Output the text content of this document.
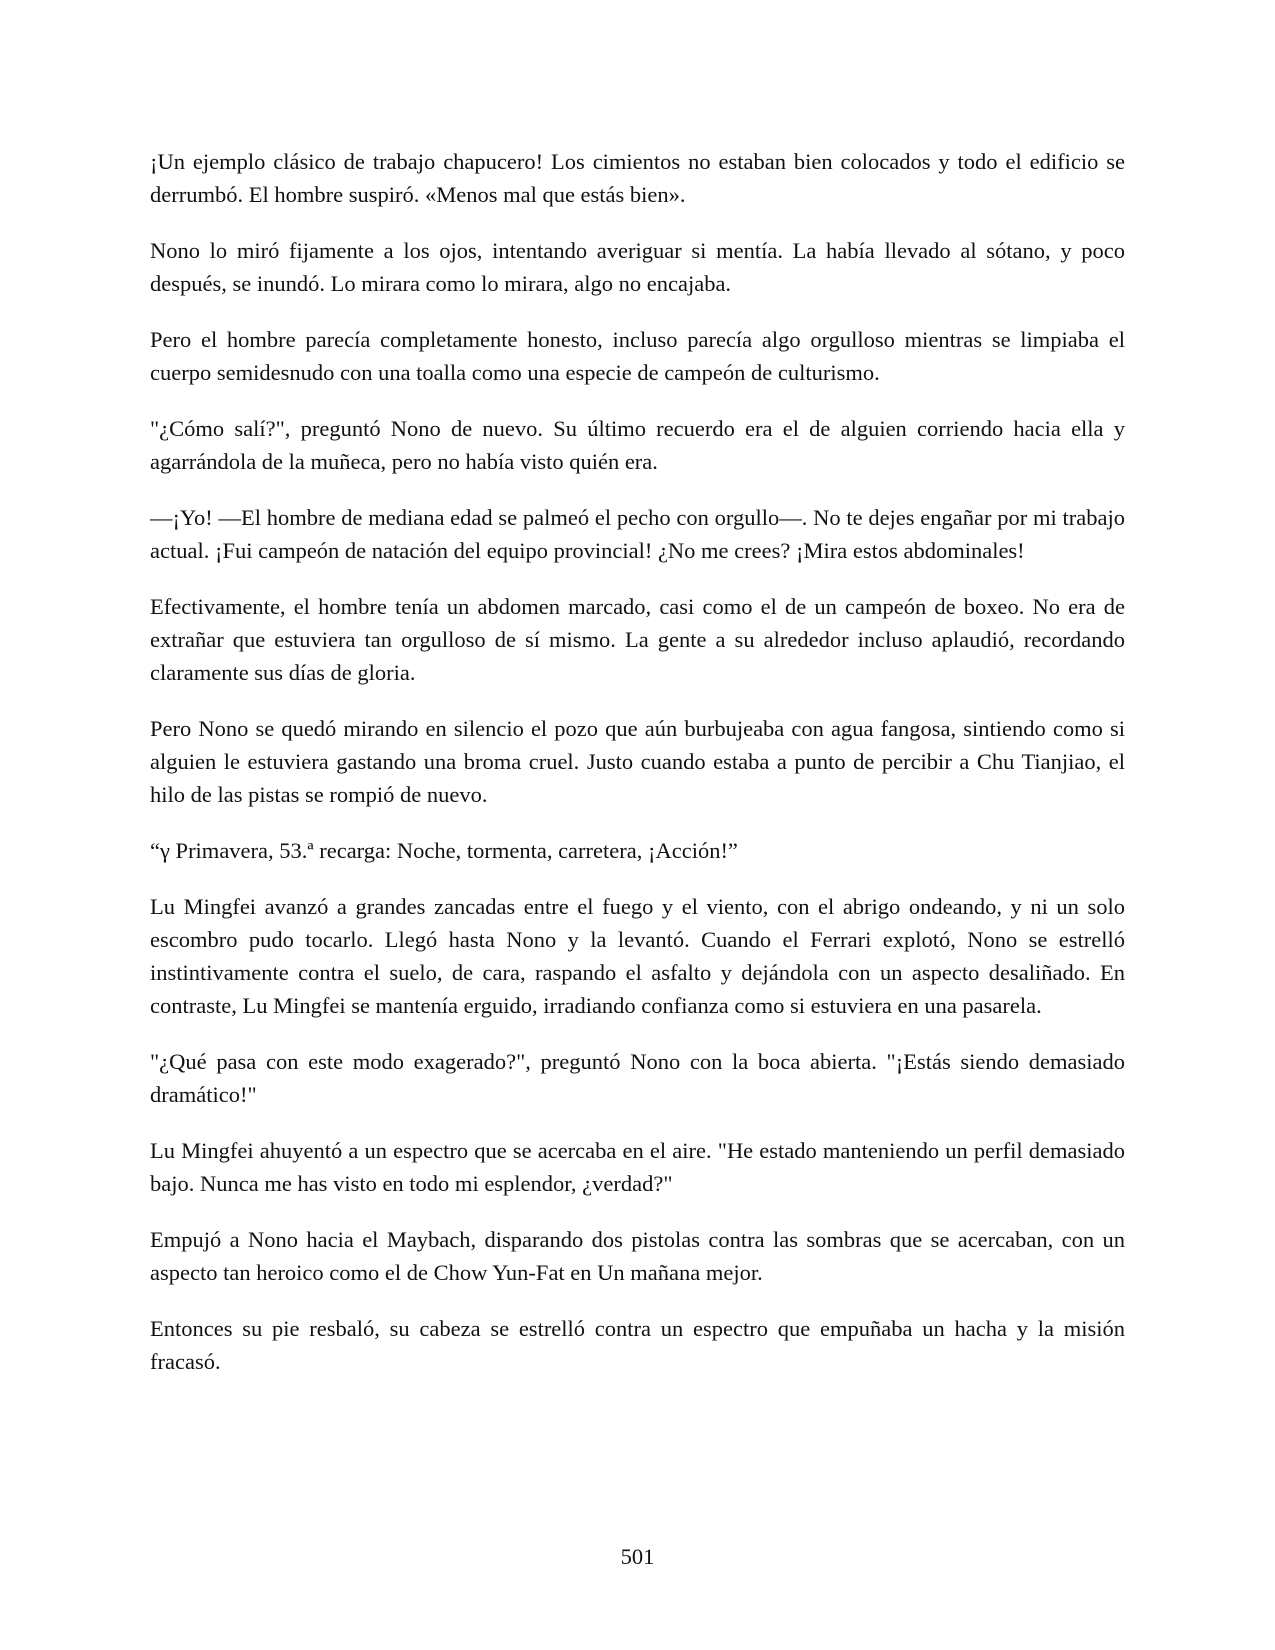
¡Un ejemplo clásico de trabajo chapucero! Los cimientos no estaban bien colocados y todo el edificio se derrumbó. El hombre suspiró. «Menos mal que estás bien».

Nono lo miró fijamente a los ojos, intentando averiguar si mentía. La había llevado al sótano, y poco después, se inundó. Lo mirara como lo mirara, algo no encajaba.

Pero el hombre parecía completamente honesto, incluso parecía algo orgulloso mientras se limpiaba el cuerpo semidesnudo con una toalla como una especie de campeón de culturismo.

"¿Cómo salí?", preguntó Nono de nuevo. Su último recuerdo era el de alguien corriendo hacia ella y agarrándola de la muñeca, pero no había visto quién era.

—¡Yo! —El hombre de mediana edad se palmeó el pecho con orgullo—. No te dejes engañar por mi trabajo actual. ¡Fui campeón de natación del equipo provincial! ¿No me crees? ¡Mira estos abdominales!

Efectivamente, el hombre tenía un abdomen marcado, casi como el de un campeón de boxeo. No era de extrañar que estuviera tan orgulloso de sí mismo. La gente a su alrededor incluso aplaudió, recordando claramente sus días de gloria.

Pero Nono se quedó mirando en silencio el pozo que aún burbujeaba con agua fangosa, sintiendo como si alguien le estuviera gastando una broma cruel. Justo cuando estaba a punto de percibir a Chu Tianjiao, el hilo de las pistas se rompió de nuevo.

“γ Primavera, 53.ª recarga: Noche, tormenta, carretera, ¡Acción!”

Lu Mingfei avanzó a grandes zancadas entre el fuego y el viento, con el abrigo ondeando, y ni un solo escombro pudo tocarlo. Llegó hasta Nono y la levantó. Cuando el Ferrari explotó, Nono se estrelló instintivamente contra el suelo, de cara, raspando el asfalto y dejándola con un aspecto desaliñado. En contraste, Lu Mingfei se mantenía erguido, irradiando confianza como si estuviera en una pasarela.

"¿Qué pasa con este modo exagerado?", preguntó Nono con la boca abierta. "¡Estás siendo demasiado dramático!"

Lu Mingfei ahuyentó a un espectro que se acercaba en el aire. "He estado manteniendo un perfil demasiado bajo. Nunca me has visto en todo mi esplendor, ¿verdad?"

Empujó a Nono hacia el Maybach, disparando dos pistolas contra las sombras que se acercaban, con un aspecto tan heroico como el de Chow Yun-Fat en Un mañana mejor.

Entonces su pie resbaló, su cabeza se estrelló contra un espectro que empuñaba un hacha y la misión fracasó.

501
